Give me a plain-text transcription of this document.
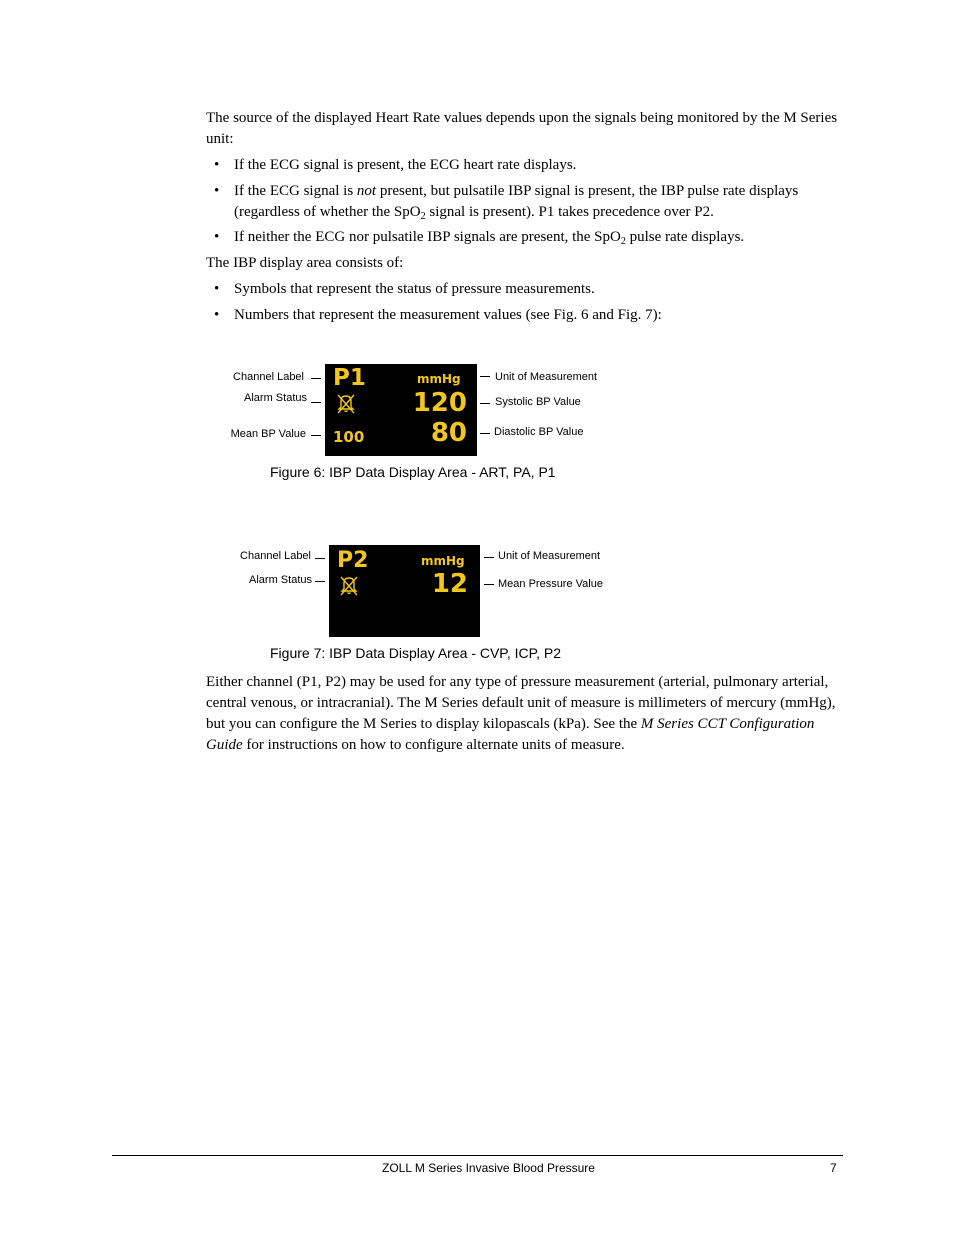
The source of the displayed Heart Rate values depends upon the signals being monitored by the M Series unit:
• If the ECG signal is present, the ECG heart rate displays.
• If the ECG signal is not present, but pulsatile IBP signal is present, the IBP pulse rate displays (regardless of whether the SpO$_2$ signal is present). P1 takes precedence over P2.
• If neither the ECG nor pulsatile IBP signals are present, the SpO$_2$ pulse rate displays.
The IBP display area consists of:
• Symbols that represent the status of pressure measurements.
• Numbers that represent the measurement values (see Fig. 6 and Fig. 7):
P1	mmHg
120
80
100
Channel Label
Alarm Status
Mean BP Value
Unit of Measurement
Systolic BP Value
Diastolic BP Value
Figure 6: IBP Data Display Area - ART, PA, P1
P2	mmHg
12
Channel Label
Alarm Status
Unit of Measurement
Mean Pressure Value
Figure 7: IBP Data Display Area - CVP, ICP, P2
Either channel (P1, P2) may be used for any type of pressure measurement (arterial, pulmonary arterial, central venous, or intracranial). The M Series default unit of measure is millimeters of mercury (mmHg), but you can configure the M Series to display kilopascals (kPa). See the M Series CCT Configuration Guide for instructions on how to configure alternate units of measure.
ZOLL M Series Invasive Blood Pressure	7
